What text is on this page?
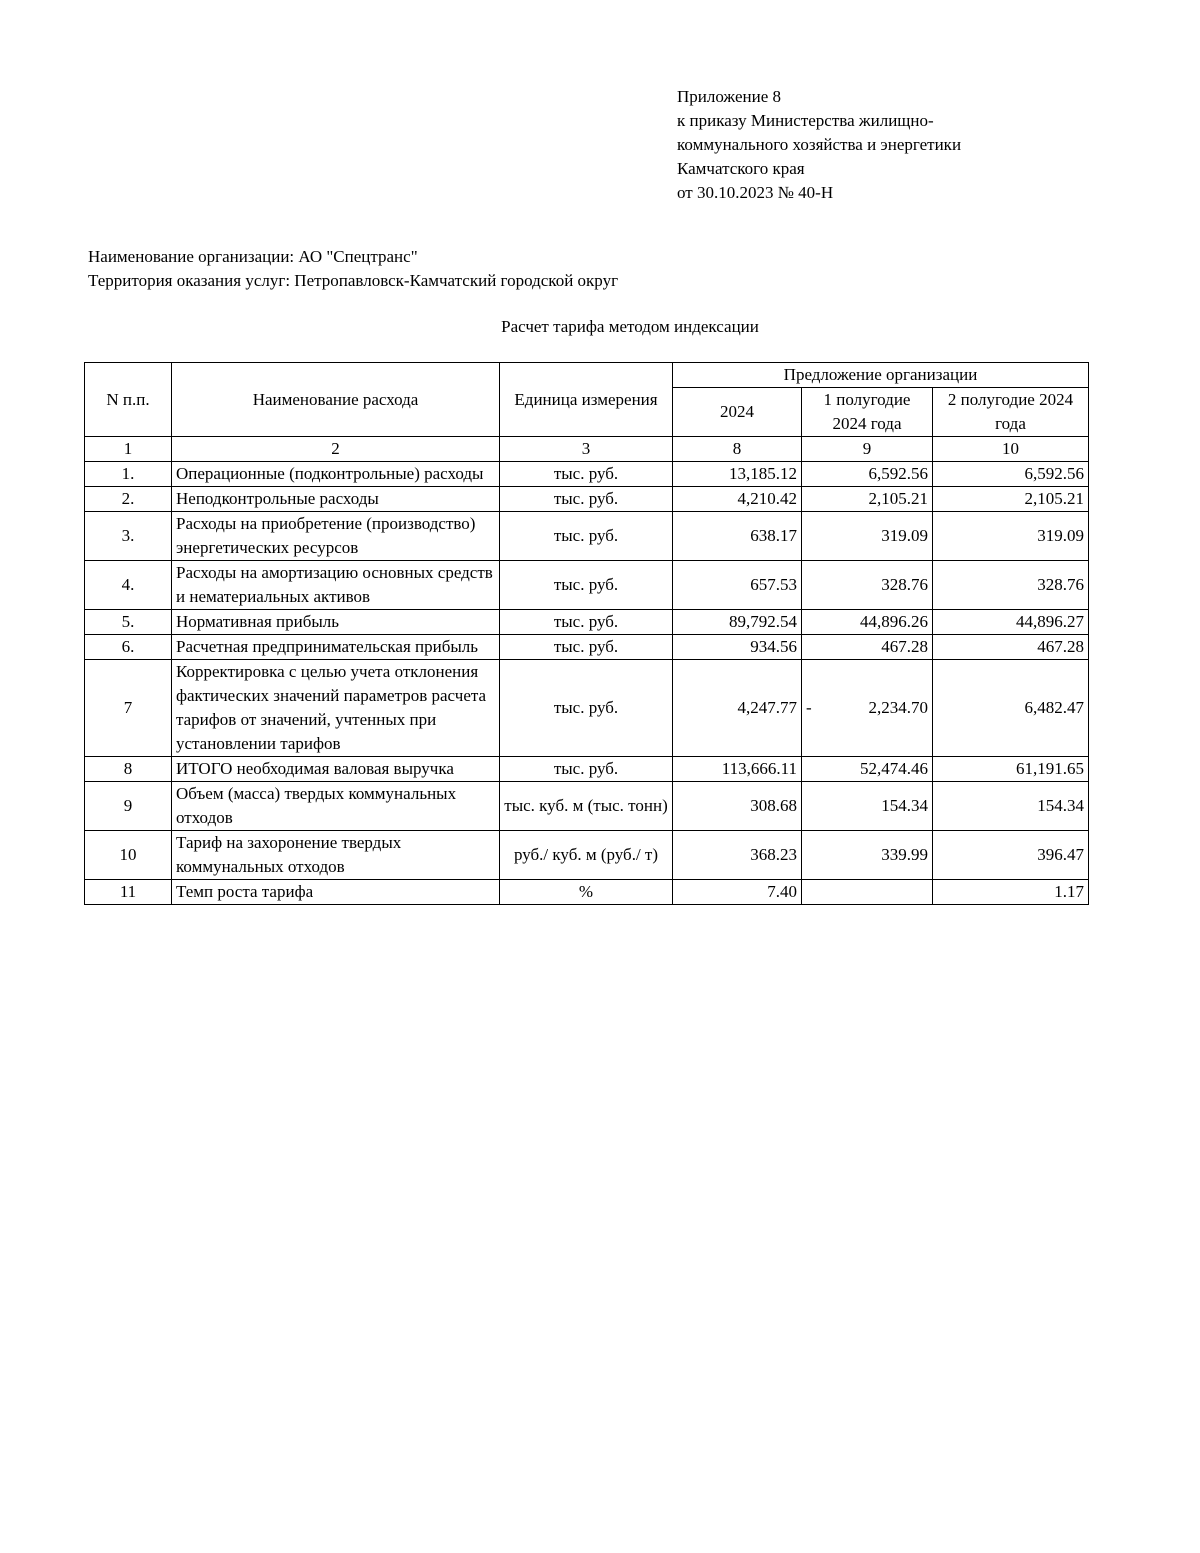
Приложение 8
к приказу Министерства жилищно-
коммунального хозяйства и энергетики
Камчатского края
от 30.10.2023 № 40-Н
Наименование организации: АО "Спецтранс"
Территория оказания услуг: Петропавловск-Камчатский городской округ
Расчет тарифа методом индексации
N п.п.	Наименование расхода	Единица измерения	Предложение организации		
			2024	1 полугодие 2024 года	2 полугодие 2024 года

1	2	3	8	9	10
1.	Операционные (подконтрольные) расходы	тыс. руб.	13,185.12	6,592.56	6,592.56
2.	Неподконтрольные расходы	тыс. руб.	4,210.42	2,105.21	2,105.21
3.	Расходы на приобретение (производство) энергетических ресурсов	тыс. руб.	638.17	319.09	319.09
4.	Расходы на амортизацию основных средств и нематериальных активов	тыс. руб.	657.53	328.76	328.76
5.	Нормативная прибыль	тыс. руб.	89,792.54	44,896.26	44,896.27
6.	Расчетная предпринимательская прибыль	тыс. руб.	934.56	467.28	467.28
7	Корректировка с целью учета отклонения фактических значений параметров расчета тарифов от значений, учтенных при установлении тарифов	тыс. руб.	4,247.77	- 2,234.70	6,482.47
8	ИТОГО необходимая валовая выручка	тыс. руб.	113,666.11	52,474.46	61,191.65
9	Объем (масса) твердых коммунальных отходов	тыс. куб. м (тыс. тонн)	308.68	154.34	154.34
10	Тариф на захоронение твердых коммунальных отходов	руб./ куб. м (руб./ т)	368.23	339.99	396.47
11	Темп роста тарифа	%	7.40		1.17
